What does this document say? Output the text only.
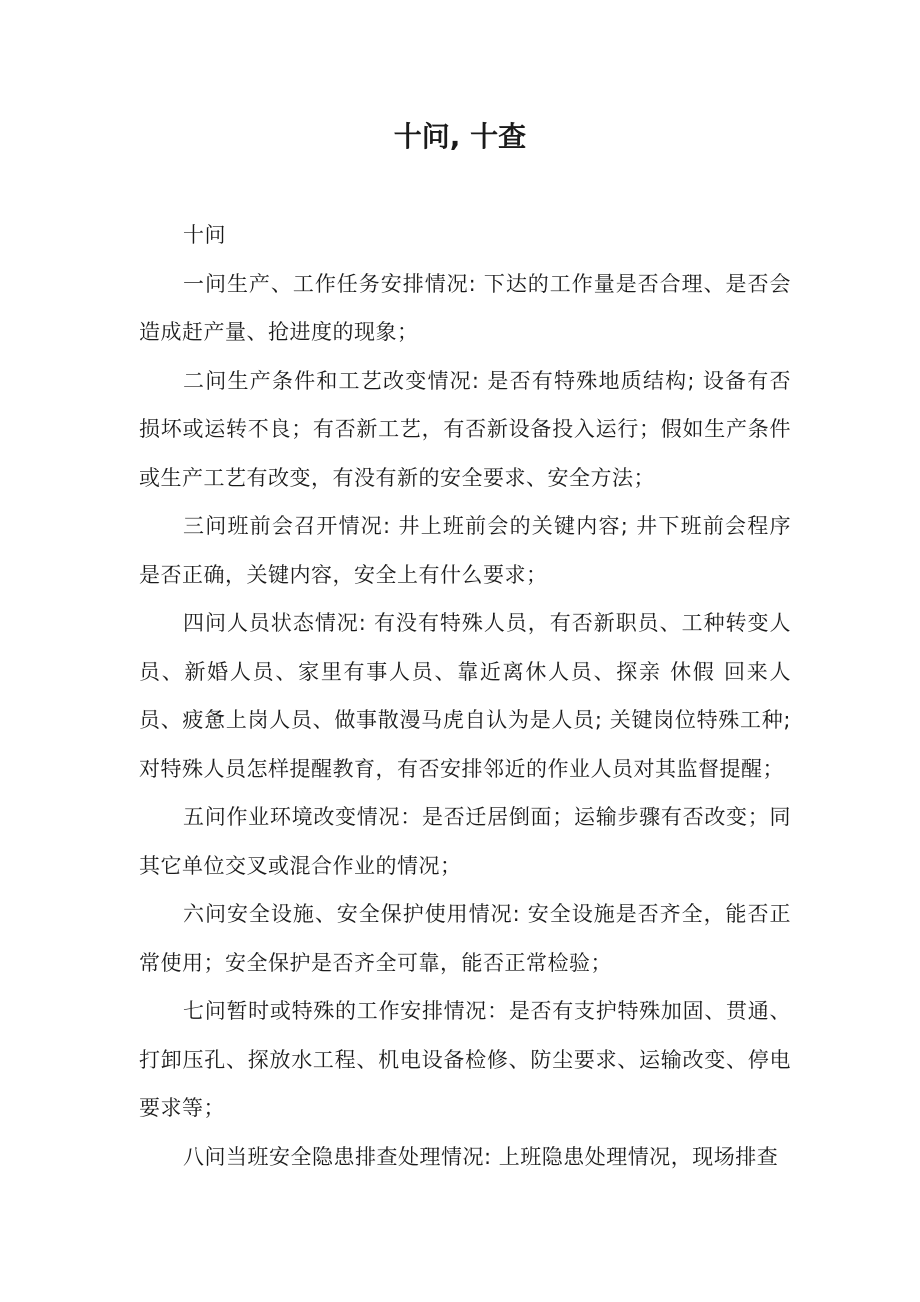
十问, 十查

十问

一问生产、工作任务安排情况: 下达的工作量是否合理、是否会造成赶产量、抢进度的现象；

二问生产条件和工艺改变情况: 是否有特殊地质结构; 设备有否损坏或运转不良；有否新工艺，有否新设备投入运行；假如生产条件或生产工艺有改变，有没有新的安全要求、安全方法；

三问班前会召开情况: 井上班前会的关键内容; 井下班前会程序是否正确，关键内容，安全上有什么要求；

四问人员状态情况: 有没有特殊人员，有否新职员、工种转变人员、新婚人员、家里有事人员、靠近离休人员、探亲 休假 回来人员、疲惫上岗人员、做事散漫马虎自认为是人员; 关键岗位特殊工种; 对特殊人员怎样提醒教育，有否安排邻近的作业人员对其监督提醒；

五问作业环境改变情况：是否迁居倒面；运输步骤有否改变；同其它单位交叉或混合作业的情况；

六问安全设施、安全保护使用情况: 安全设施是否齐全，能否正常使用；安全保护是否齐全可靠，能否正常检验；

七问暂时或特殊的工作安排情况：是否有支护特殊加固、贯通、打卸压孔、探放水工程、机电设备检修、防尘要求、运输改变、停电要求等；

八问当班安全隐患排查处理情况: 上班隐患处理情况，现场排查
